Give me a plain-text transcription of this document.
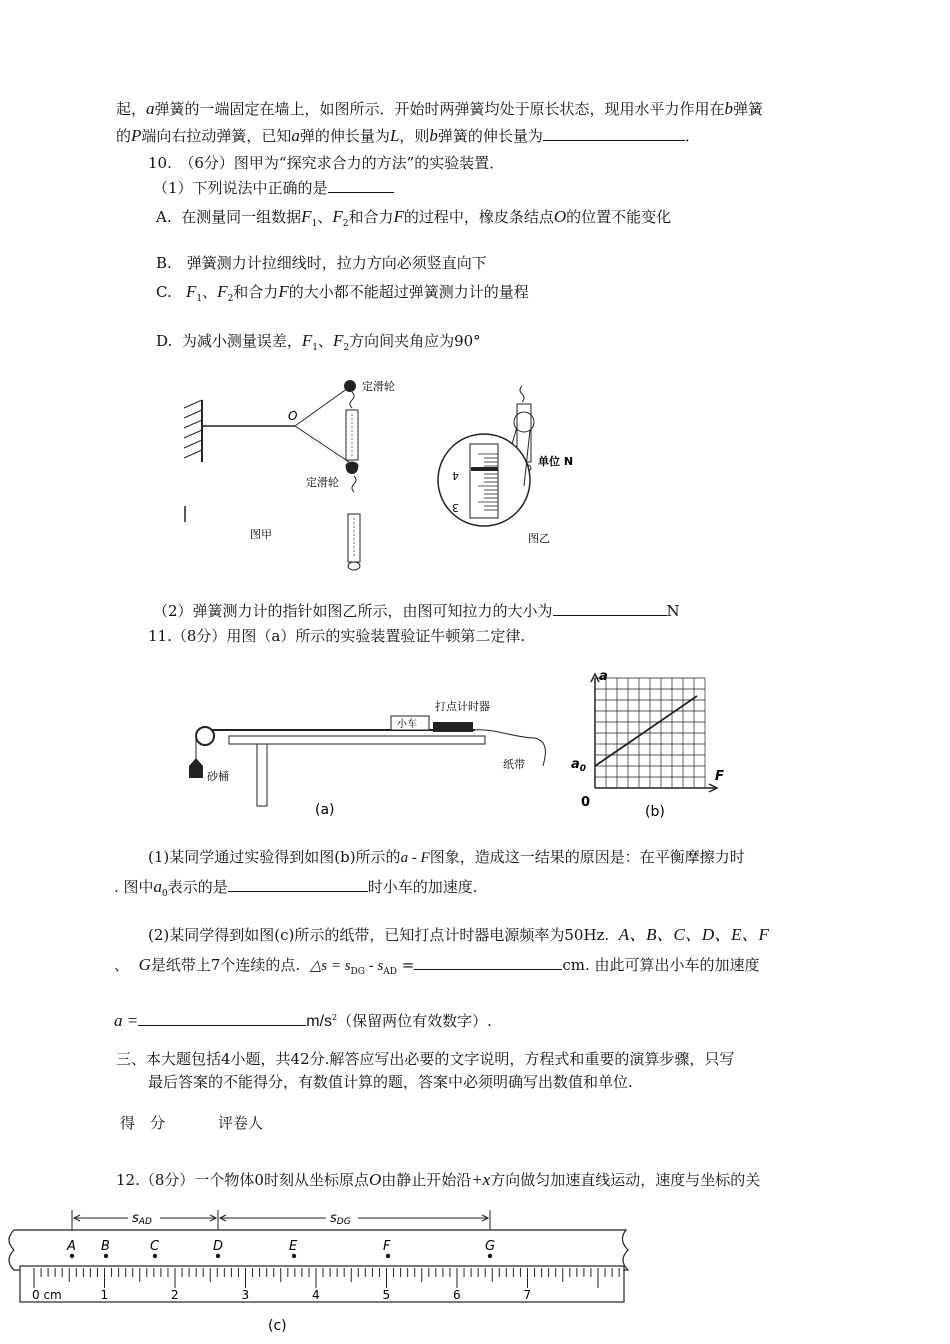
起，a弹簧的一端固定在墙上，如图所示．开始时两弹簧均处于原长状态，现用水平力作用在b弹簧
的P端向右拉动弹簧，已知a弹的伸长量为L，则b弹簧的伸长量为	．
10.　（6分）图甲为“探究求合力的方法”的实验装置．
（1）下列说法中正确的是
A. 在测量同一组数据$F_1$、$F_2$和合力F的过程中，橡皮条结点O的位置不能变化
B.　弹簧测力计拉细线时，拉力方向必须竖直向下
C. $F_1$、$F_2$和合力F的大小都不能超过弹簧测力计的量程
D. 为减小测量误差，$F_1$、$F_2$方向间夹角应为90°
O
定滑轮
定滑轮
图甲
单位 N
4
3
图乙
（2）弹簧测力计的指针如图乙所示，由图可知拉力的大小为	N
11.（8分）用图（a）所示的实验装置验证牛顿第二定律.
砂桶
小车
打点计时器
纸带
(a)
a
F
$a_0$
0
(b)
(1)某同学通过实验得到如图(b)所示的a - F图象，造成这一结果的原因是：在平衡摩擦力时
. 图中$a_0$表示的是	时小车的加速度.
(2)某同学得到如图(c)所示的纸带，已知打点计时器电源频率为50Hz. A、B、C、D、E、F
、 G是纸带上7个连续的点. △s = $s_{DG} - s_{AD}$ =	cm. 由此可算出小车的加速度
a =	$m/s^2$（保留两位有效数字）.
三、本大题包括4小题，共42分.解答应写出必要的文字说明，方程式和重要的演算步骤，只写
最后答案的不能得分，有数值计算的题，答案中必须明确写出数值和单位.
得　分	评卷人
12.（8分）一个物体0时刻从坐标原点O由静止开始沿+x方向做匀加速直线运动，速度与坐标的关
0 cm	1	2	3	4	5	6	7
A B	C	D	E	F	G
sAD	sDG
(c)
